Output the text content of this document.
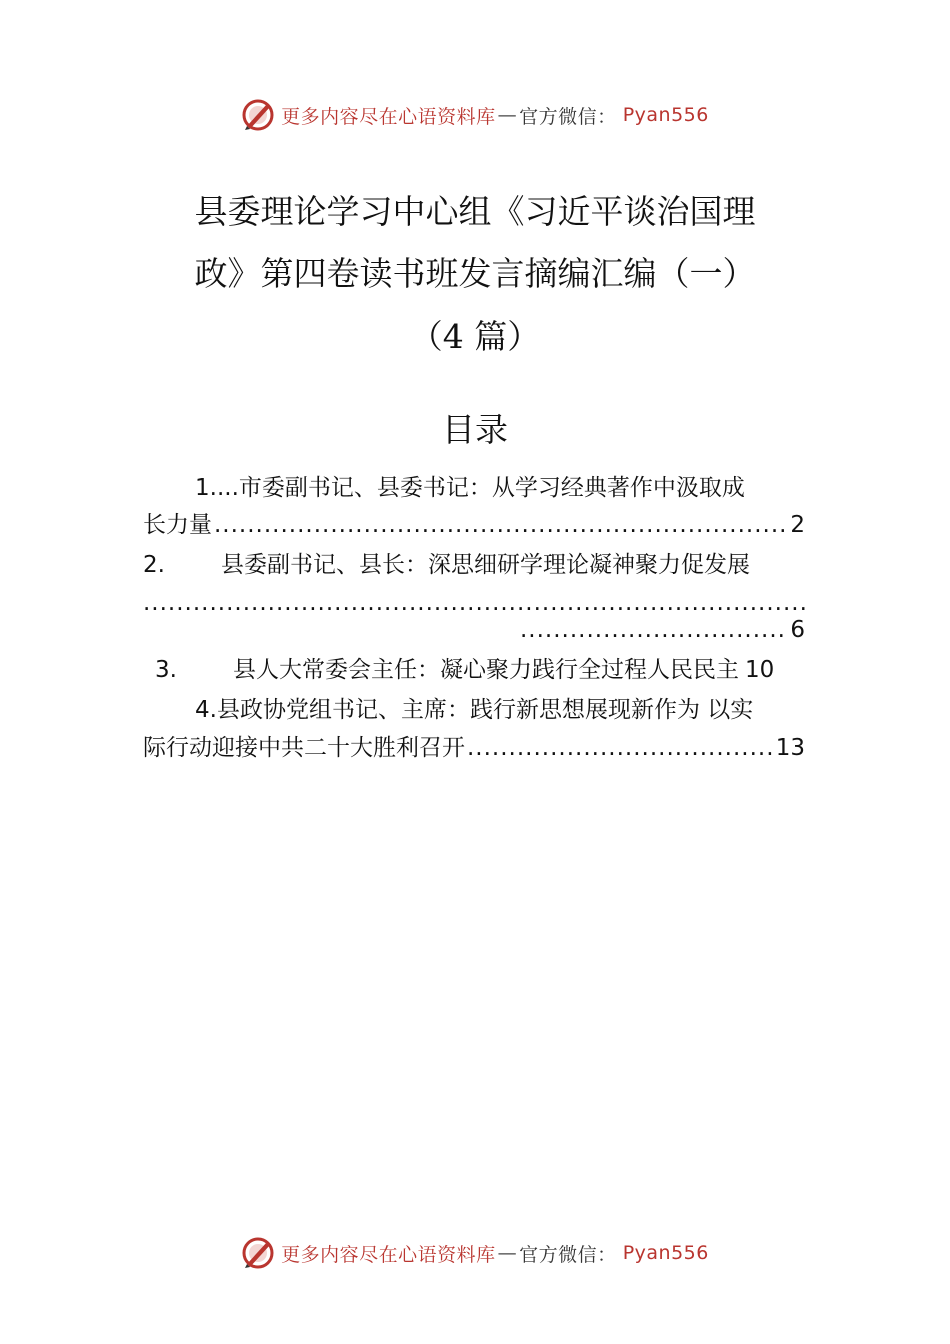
更多内容尽在心语资料库 — 官方微信： Pyan556
县委理论学习中心组《习近平谈治国理
政》第四卷读书班发言摘编汇编（一）
（4 篇）
目录
1....市委副书记、县委书记：从学习经典著作中汲取成
长力量 .....	2
2. 县委副书记、县长：深思细研学理论凝神聚力促发展
.....
.....
6
3. 县人大常委会主任：凝心聚力践行全过程人民民主 10
4.县政协党组书记、主席：践行新思想展现新作为 以实
际行动迎接中共二十大胜利召开 .....	13
更多内容尽在心语资料库 — 官方微信： Pyan556
